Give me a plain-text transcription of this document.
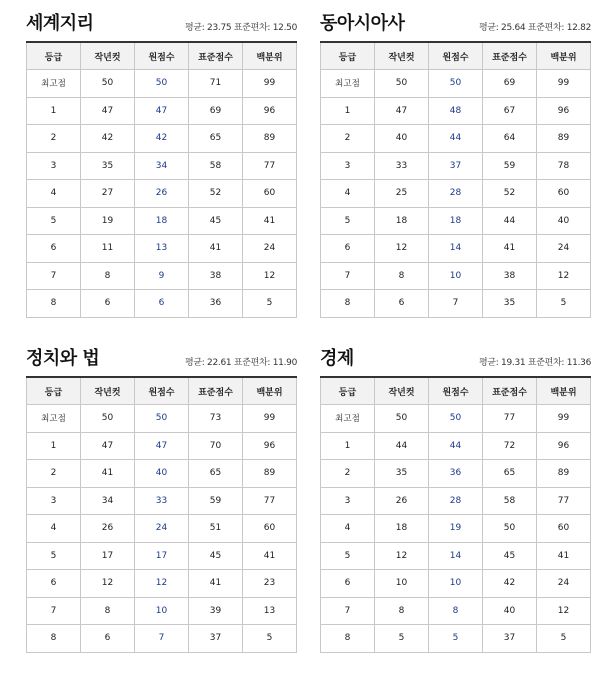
세계지리	평균: 23.75 표준편차: 12.50
등급	작년컷	원점수	표준점수	백분위
최고점	50	50	71	99
1	47	47	69	96
2	42	42	65	89
3	35	34	58	77
4	27	26	52	60
5	19	18	45	41
6	11	13	41	24
7	8	9	38	12
8	6	6	36	5
동아시아사	평균: 25.64 표준편차: 12.82
등급	작년컷	원점수	표준점수	백분위
최고점	50	50	69	99
1	47	48	67	96
2	40	44	64	89
3	33	37	59	78
4	25	28	52	60
5	18	18	44	40
6	12	14	41	24
7	8	10	38	12
8	6	7	35	5
정치와 법	평균: 22.61 표준편차: 11.90
등급	작년컷	원점수	표준점수	백분위
최고점	50	50	73	99
1	47	47	70	96
2	41	40	65	89
3	34	33	59	77
4	26	24	51	60
5	17	17	45	41
6	12	12	41	23
7	8	10	39	13
8	6	7	37	5
경제	평균: 19.31 표준편차: 11.36
등급	작년컷	원점수	표준점수	백분위
최고점	50	50	77	99
1	44	44	72	96
2	35	36	65	89
3	26	28	58	77
4	18	19	50	60
5	12	14	45	41
6	10	10	42	24
7	8	8	40	12
8	5	5	37	5
